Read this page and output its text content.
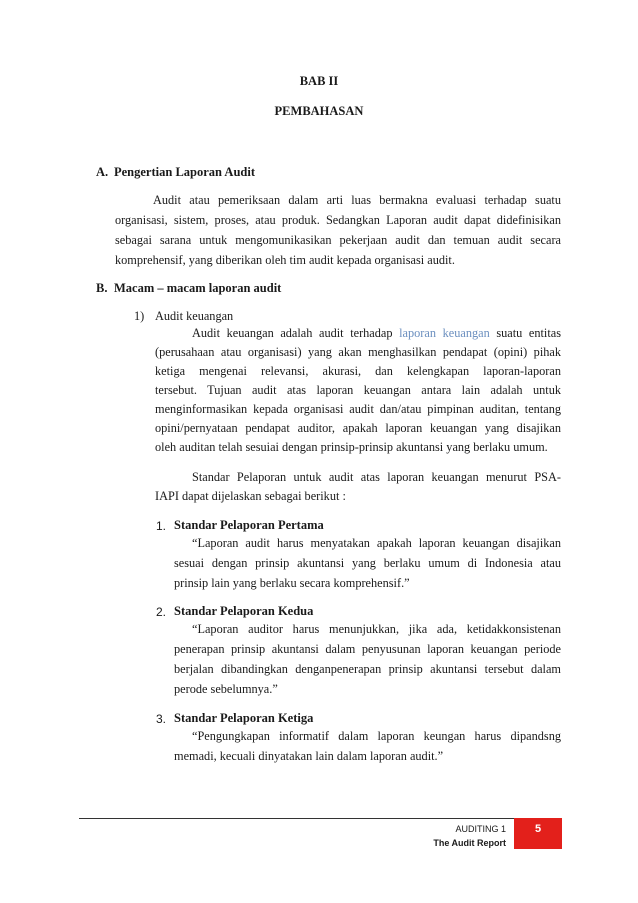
BAB II
PEMBAHASAN
A. Pengertian Laporan Audit
Audit atau pemeriksaan dalam arti luas bermakna evaluasi terhadap suatu
organisasi, sistem, proses, atau produk. Sedangkan Laporan audit dapat didefinisikan
sebagai sarana untuk mengomunikasikan pekerjaan audit dan temuan audit secara
komprehensif, yang diberikan oleh tim audit kepada organisasi audit.
B. Macam – macam laporan audit
1) Audit keuangan
Audit keuangan adalah audit terhadap laporan keuangan suatu entitas
(perusahaan atau organisasi) yang akan menghasilkan pendapat (opini) pihak
ketiga mengenai relevansi, akurasi, dan kelengkapan laporan-laporan
tersebut. Tujuan audit atas laporan keuangan antara lain adalah untuk
menginformasikan kepada organisasi audit dan/atau pimpinan auditan, tentang
opini/pernyataan pendapat auditor, apakah laporan keuangan yang disajikan
oleh auditan telah sesuiai dengan prinsip-prinsip akuntansi yang berlaku umum.
Standar Pelaporan untuk audit atas laporan keuangan menurut PSA-
IAPI dapat dijelaskan sebagai berikut :
1. Standar Pelaporan Pertama
“Laporan audit harus menyatakan apakah laporan keuangan disajikan
sesuai dengan prinsip akuntansi yang berlaku umum di Indonesia atau
prinsip lain yang berlaku secara komprehensif.”
2. Standar Pelaporan Kedua
“Laporan auditor harus menunjukkan, jika ada, ketidakkonsistenan
penerapan prinsip akuntansi dalam penyusunan laporan keuangan periode
berjalan dibandingkan denganpenerapan prinsip akuntansi tersebut dalam
perode sebelumnya.”
3. Standar Pelaporan Ketiga
“Pengungkapan informatif dalam laporan keungan harus dipandsng
memadi, kecuali dinyatakan lain dalam laporan audit.”
AUDITING 1
The Audit Report
5
